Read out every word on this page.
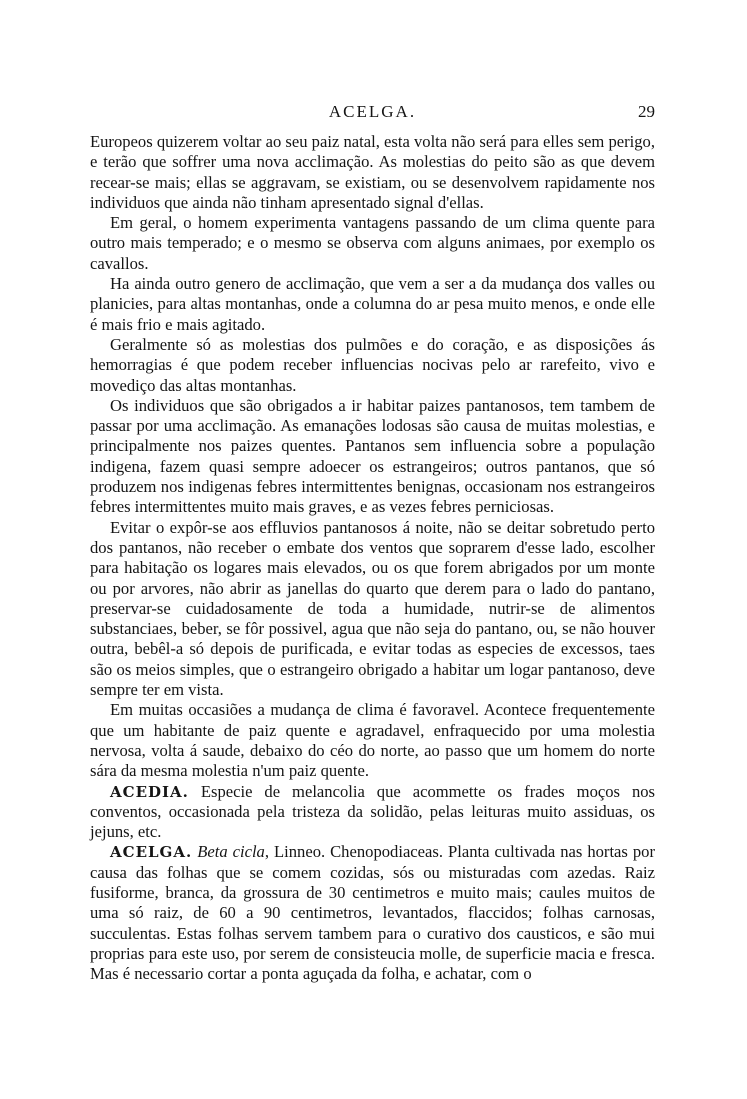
ACELGA.	29

Europeos quizerem voltar ao seu paiz natal, esta volta não será para elles sem perigo, e terão que soffrer uma nova acclimação. As molestias do peito são as que devem recear-se mais; ellas se aggravam, se existiam, ou se desenvolvem rapidamente nos individuos que ainda não tinham apresentado signal d'ellas.

Em geral, o homem experimenta vantagens passando de um clima quente para outro mais temperado; e o mesmo se observa com alguns animaes, por exemplo os cavallos.

Ha ainda outro genero de acclimação, que vem a ser a da mudança dos valles ou planicies, para altas montanhas, onde a columna do ar pesa muito menos, e onde elle é mais frio e mais agitado.

Geralmente só as molestias dos pulmões e do coração, e as disposições ás hemorragias é que podem receber influencias nocivas pelo ar rarefeito, vivo e movediço das altas montanhas.

Os individuos que são obrigados a ir habitar paizes pantanosos, tem tambem de passar por uma acclimação. As emanações lodosas são causa de muitas molestias, e principalmente nos paizes quentes. Pantanos sem influencia sobre a população indigena, fazem quasi sempre adoecer os estrangeiros; outros pantanos, que só produzem nos indigenas febres intermittentes benignas, occasionam nos estrangeiros febres intermittentes muito mais graves, e as vezes febres perniciosas.

Evitar o expôr-se aos effluvios pantanosos á noite, não se deitar sobretudo perto dos pantanos, não receber o embate dos ventos que soprarem d'esse lado, escolher para habitação os logares mais elevados, ou os que forem abrigados por um monte ou por arvores, não abrir as janellas do quarto que derem para o lado do pantano, preservar-se cuidadosamente de toda a humidade, nutrir-se de alimentos substanciaes, beber, se fôr possivel, agua que não seja do pantano, ou, se não houver outra, bebêl-a só depois de purificada, e evitar todas as especies de excessos, taes são os meios simples, que o estrangeiro obrigado a habitar um logar pantanoso, deve sempre ter em vista.

Em muitas occasiões a mudança de clima é favoravel. Acontece frequentemente que um habitante de paiz quente e agradavel, enfraquecido por uma molestia nervosa, volta á saude, debaixo do céo do norte, ao passo que um homem do norte sára da mesma molestia n'um paiz quente.

ACEDIA. Especie de melancolia que acommette os frades moços nos conventos, occasionada pela tristeza da solidão, pelas leituras muito assiduas, os jejuns, etc.

ACELGA. Beta cicla, Linneo. Chenopodiaceas. Planta cultivada nas hortas por causa das folhas que se comem cozidas, sós ou misturadas com azedas. Raiz fusiforme, branca, da grossura de 30 centimetros e muito mais; caules muitos de uma só raiz, de 60 a 90 centimetros, levantados, flaccidos; folhas carnosas, succulentas. Estas folhas servem tambem para o curativo dos causticos, e são mui proprias para este uso, por serem de consisteucia molle, de superficie macia e fresca. Mas é necessario cortar a ponta aguçada da folha, e achatar, com o
